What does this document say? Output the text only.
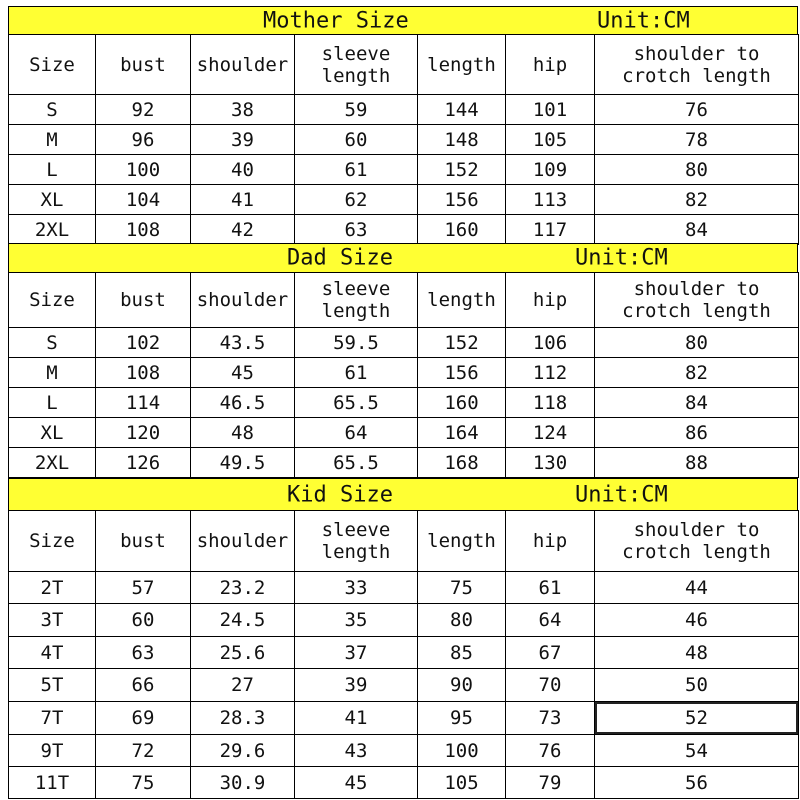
Mother Size	Unit:CM
Size	bust	shoulder	sleeve length	length	hip	shoulder to crotch length
S	92	38	59	144	101	76
M	96	39	60	148	105	78
L	100	40	61	152	109	80
XL	104	41	62	156	113	82
2XL	108	42	63	160	117	84
Dad Size	Unit:CM
Size	bust	shoulder	sleeve length	length	hip	shoulder to crotch length
S	102	43.5	59.5	152	106	80
M	108	45	61	156	112	82
L	114	46.5	65.5	160	118	84
XL	120	48	64	164	124	86
2XL	126	49.5	65.5	168	130	88
Kid Size	Unit:CM
Size	bust	shoulder	sleeve length	length	hip	shoulder to crotch length
2T	57	23.2	33	75	61	44
3T	60	24.5	35	80	64	46
4T	63	25.6	37	85	67	48
5T	66	27	39	90	70	50
7T	69	28.3	41	95	73	52
9T	72	29.6	43	100	76	54
11T	75	30.9	45	105	79	56
